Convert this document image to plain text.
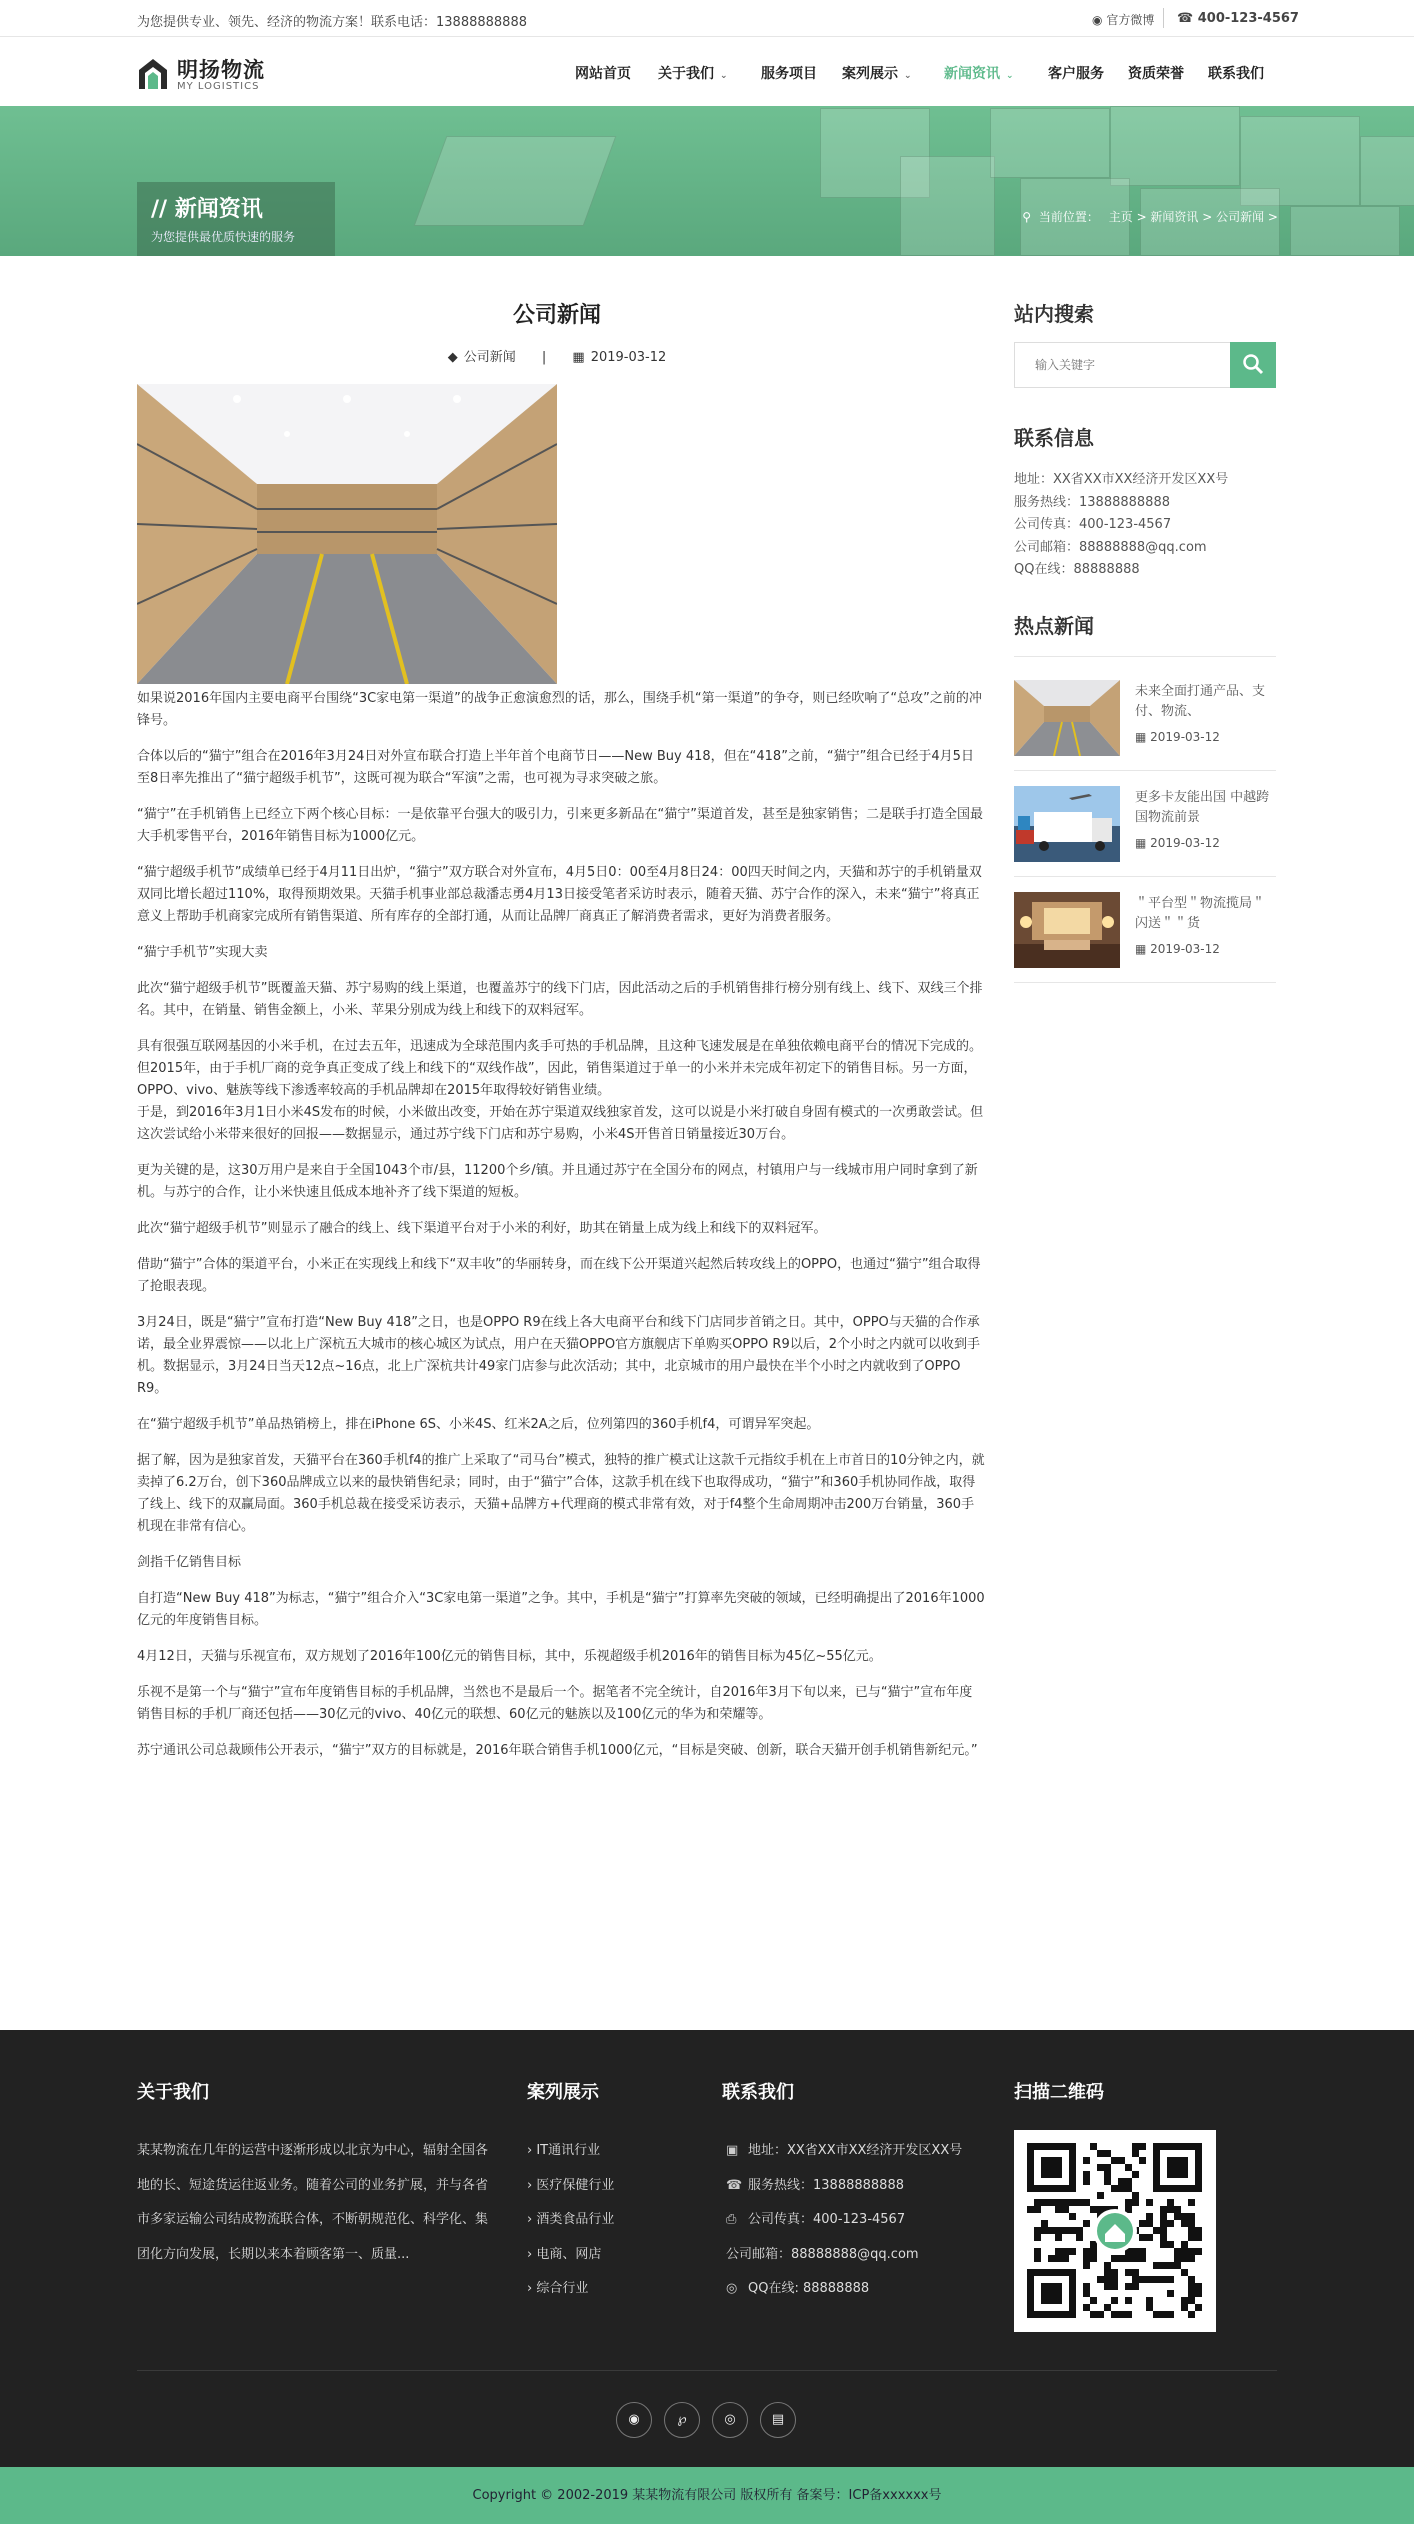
为您提供专业、领先、经济的物流方案！联系电话：13888888888	◉ 官方微博 ☎ 400-123-4567
明扬物流
MY LOGISTICS
网站首页 关于我们 ⌄ 服务项目 案列展示 ⌄ 新闻资讯 ⌄ 客户服务 资质荣誉 联系我们
// 新闻资讯
为您提供最优质快速的服务
⚲ 当前位置： 主页 > 新闻资讯 > 公司新闻 >
公司新闻
◆ 公司新闻 | ▦ 2019-03-12

如果说2016年国内主要电商平台围绕“3C家电第一渠道”的战争正愈演愈烈的话，那么，围绕手机“第一渠道”的争夺，则已经吹响了“总攻”之前的冲锋号。

合体以后的“猫宁”组合在2016年3月24日对外宣布联合打造上半年首个电商节日——New Buy 418，但在“418”之前，“猫宁”组合已经于4月5日至8日率先推出了“猫宁超级手机节”，这既可视为联合“军演”之需，也可视为寻求突破之旅。

“猫宁”在手机销售上已经立下两个核心目标：一是依靠平台强大的吸引力，引来更多新品在“猫宁”渠道首发，甚至是独家销售；二是联手打造全国最大手机零售平台，2016年销售目标为1000亿元。

“猫宁超级手机节”成绩单已经于4月11日出炉，“猫宁”双方联合对外宣布，4月5日0：00至4月8日24：00四天时间之内，天猫和苏宁的手机销量双双同比增长超过110%，取得预期效果。天猫手机事业部总裁潘志勇4月13日接受笔者采访时表示，随着天猫、苏宁合作的深入，未来“猫宁”将真正意义上帮助手机商家完成所有销售渠道、所有库存的全部打通，从而让品牌厂商真正了解消费者需求，更好为消费者服务。

“猫宁手机节”实现大卖

此次“猫宁超级手机节”既覆盖天猫、苏宁易购的线上渠道，也覆盖苏宁的线下门店，因此活动之后的手机销售排行榜分别有线上、线下、双线三个排名。其中，在销量、销售金额上，小米、苹果分别成为线上和线下的双料冠军。

具有很强互联网基因的小米手机，在过去五年，迅速成为全球范围内炙手可热的手机品牌，且这种飞速发展是在单独依赖电商平台的情况下完成的。但2015年，由于手机厂商的竞争真正变成了线上和线下的“双线作战”，因此，销售渠道过于单一的小米并未完成年初定下的销售目标。另一方面，OPPO、vivo、魅族等线下渗透率较高的手机品牌却在2015年取得较好销售业绩。
于是，到2016年3月1日小米4S发布的时候，小米做出改变，开始在苏宁渠道双线独家首发，这可以说是小米打破自身固有模式的一次勇敢尝试。但这次尝试给小米带来很好的回报——数据显示，通过苏宁线下门店和苏宁易购，小米4S开售首日销量接近30万台。

更为关键的是，这30万用户是来自于全国1043个市/县，11200个乡/镇。并且通过苏宁在全国分布的网点，村镇用户与一线城市用户同时拿到了新机。与苏宁的合作，让小米快速且低成本地补齐了线下渠道的短板。

此次“猫宁超级手机节”则显示了融合的线上、线下渠道平台对于小米的利好，助其在销量上成为线上和线下的双料冠军。

借助“猫宁”合体的渠道平台，小米正在实现线上和线下“双丰收”的华丽转身，而在线下公开渠道兴起然后转攻线上的OPPO，也通过“猫宁”组合取得了抢眼表现。

3月24日，既是“猫宁”宣布打造“New Buy 418”之日，也是OPPO R9在线上各大电商平台和线下门店同步首销之日。其中，OPPO与天猫的合作承诺，最全业界震惊——以北上广深杭五大城市的核心城区为试点，用户在天猫OPPO官方旗舰店下单购买OPPO R9以后，2个小时之内就可以收到手机。数据显示，3月24日当天12点~16点，北上广深杭共计49家门店参与此次活动；其中，北京城市的用户最快在半个小时之内就收到了OPPO R9。

在“猫宁超级手机节”单品热销榜上，排在iPhone 6S、小米4S、红米2A之后，位列第四的360手机f4，可谓异军突起。

据了解，因为是独家首发，天猫平台在360手机f4的推广上采取了“司马台”模式，独特的推广模式让这款千元指纹手机在上市首日的10分钟之内，就卖掉了6.2万台，创下360品牌成立以来的最快销售纪录；同时，由于“猫宁”合体，这款手机在线下也取得成功，“猫宁”和360手机协同作战，取得了线上、线下的双赢局面。360手机总裁在接受采访表示，天猫+品牌方+代理商的模式非常有效，对于f4整个生命周期冲击200万台销量，360手机现在非常有信心。

剑指千亿销售目标

自打造“New Buy 418”为标志，“猫宁”组合介入“3C家电第一渠道”之争。其中，手机是“猫宁”打算率先突破的领域，已经明确提出了2016年1000亿元的年度销售目标。

4月12日，天猫与乐视宣布，双方规划了2016年100亿元的销售目标，其中，乐视超级手机2016年的销售目标为45亿~55亿元。

乐视不是第一个与“猫宁”宣布年度销售目标的手机品牌，当然也不是最后一个。据笔者不完全统计，自2016年3月下旬以来，已与“猫宁”宣布年度销售目标的手机厂商还包括——30亿元的vivo、40亿元的联想、60亿元的魅族以及100亿元的华为和荣耀等。

苏宁通讯公司总裁顾伟公开表示，“猫宁”双方的目标就是，2016年联合销售手机1000亿元，“目标是突破、创新，联合天猫开创手机销售新纪元。”

站内搜索
输入关键字
联系信息
地址：XX省XX市XX经济开发区XX号
服务热线：13888888888
公司传真：400-123-4567
公司邮箱：88888888@qq.com
QQ在线：88888888
热点新闻
未来全面打通产品、支付、物流、
▦ 2019-03-12
更多卡友能出国 中越跨国物流前景
▦ 2019-03-12
＂平台型＂物流揽局＂闪送＂＂货
▦ 2019-03-12
关于我们
某某物流在几年的运营中逐渐形成以北京为中心，辐射全国各地的长、短途货运往返业务。随着公司的业务扩展，并与各省市多家运输公司结成物流联合体，不断朝规范化、科学化、集团化方向发展，长期以来本着顾客第一、质量...
案列展示
› IT通讯行业
› 医疗保健行业
› 酒类食品行业
› 电商、网店
› 综合行业
联系我们
▣ 地址：XX省XX市XX经济开发区XX号
☎ 服务热线：13888888888
⎙ 公司传真：400-123-4567
公司邮箱：88888888@qq.com
◎ QQ在线: 88888888
扫描二维码
◉	℘	◎	▤
Copyright © 2002-2019 某某物流有限公司 版权所有 备案号：ICP备xxxxxx号
